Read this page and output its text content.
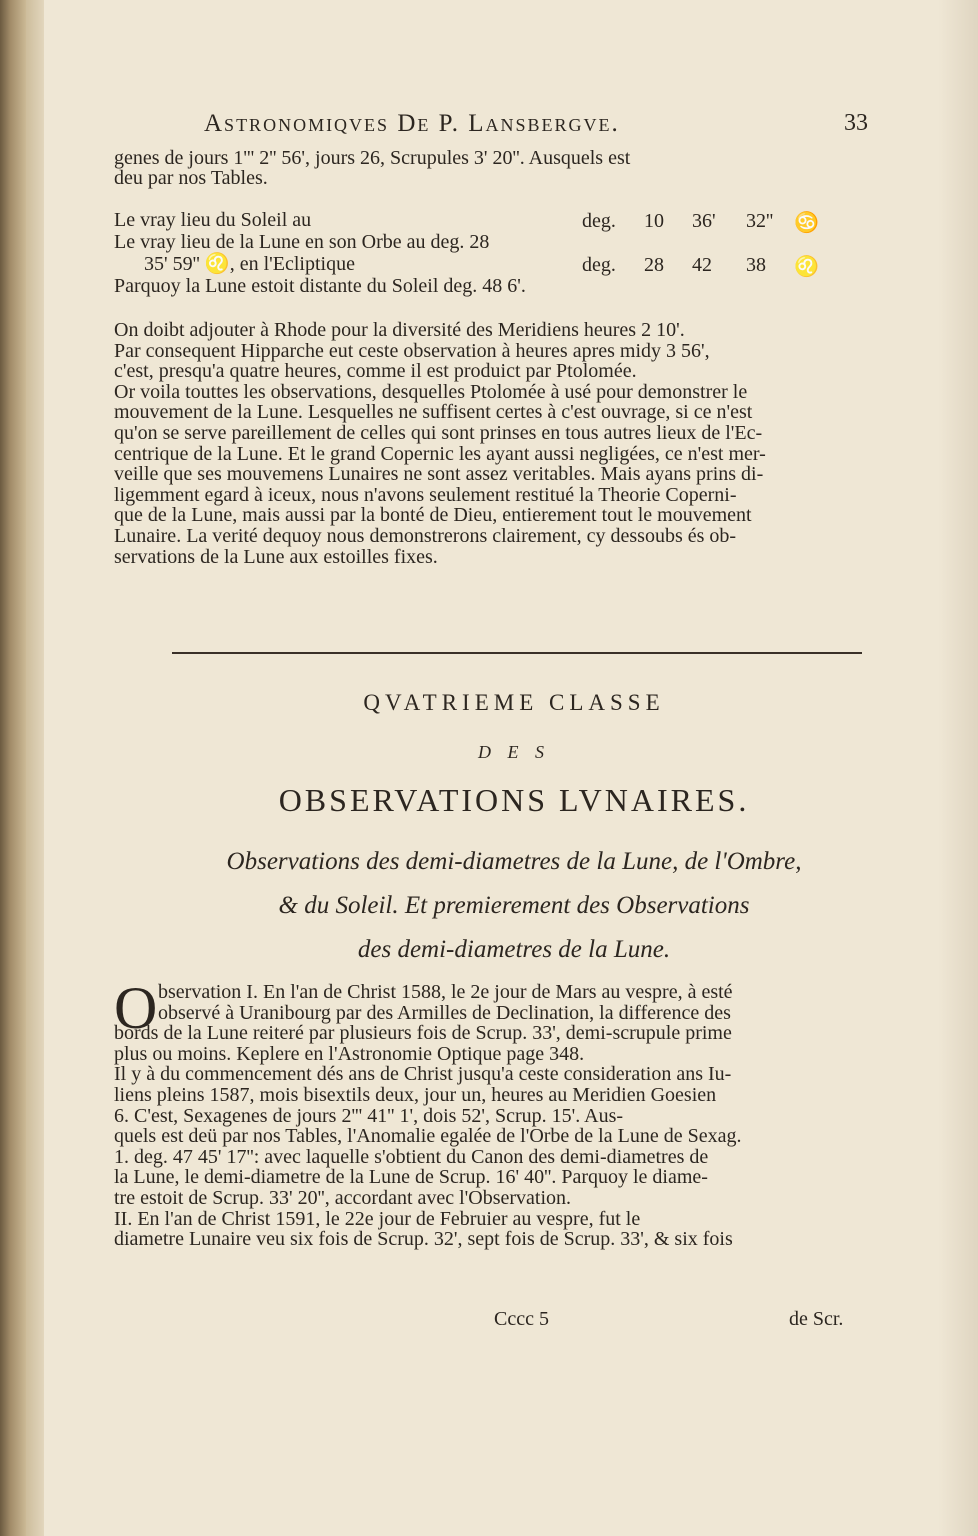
Astronomiqves De P. Lansbergve.	33

genes de jours 1''' 2'' 56', jours 26, Scrupules 3' 20''. Ausquels est

deu par nos Tables.

Le vray lieu du Soleil au	deg. 10 36' 32'' ♋
Le vray lieu de la Lune en son Orbe au deg. 28
35' 59'' ♌, en l'Ecliptique	deg. 28 42 38 ♌
Parquoy la Lune estoit distante du Soleil deg. 48 6'.

On doibt adjouter à Rhode pour la diversité des Meridiens heures 2 10'.

Par consequent Hipparche eut ceste observation à heures apres midy 3 56',

c'est, presqu'a quatre heures, comme il est produict par Ptolomée.

Or voila touttes les observations, desquelles Ptolomée à usé pour demonstrer le

mouvement de la Lune. Lesquelles ne suffisent certes à c'est ouvrage, si ce n'est

qu'on se serve pareillement de celles qui sont prinses en tous autres lieux de l'Ec-

centrique de la Lune. Et le grand Copernic les ayant aussi negligées, ce n'est mer-

veille que ses mouvemens Lunaires ne sont assez veritables. Mais ayans prins di-

ligemment egard à iceux, nous n'avons seulement restitué la Theorie Coperni-

que de la Lune, mais aussi par la bonté de Dieu, entierement tout le mouvement

Lunaire. La verité dequoy nous demonstrerons clairement, cy dessoubs és ob-

servations de la Lune aux estoilles fixes.

QVATRIEME CLASSE
D E S
OBSERVATIONS LVNAIRES.
Observations des demi-diametres de la Lune, de l'Ombre,
& du Soleil. Et premierement des Observations
des demi-diametres de la Lune.
O bservation I. En l'an de Christ 1588, le 2e jour de Mars au vespre, à esté

observé à Uranibourg par des Armilles de Declination, la difference des

bords de la Lune reiteré par plusieurs fois de Scrup. 33', demi-scrupule prime

plus ou moins. Keplere en l'Astronomie Optique page 348.

Il y à du commencement dés ans de Christ jusqu'a ceste consideration ans Iu-

liens pleins 1587, mois bisextils deux, jour un, heures au Meridien Goesien

6. C'est, Sexagenes de jours 2''' 41'' 1', dois 52', Scrup. 15'. Aus-

quels est deü par nos Tables, l'Anomalie egalée de l'Orbe de la Lune de Sexag.

1. deg. 47 45' 17'': avec laquelle s'obtient du Canon des demi-diametres de

la Lune, le demi-diametre de la Lune de Scrup. 16' 40''. Parquoy le diame-

tre estoit de Scrup. 33' 20'', accordant avec l'Observation.

II. En l'an de Christ 1591, le 22e jour de Februier au vespre, fut le

diametre Lunaire veu six fois de Scrup. 32', sept fois de Scrup. 33', & six fois

Cccc 5	de Scr.
